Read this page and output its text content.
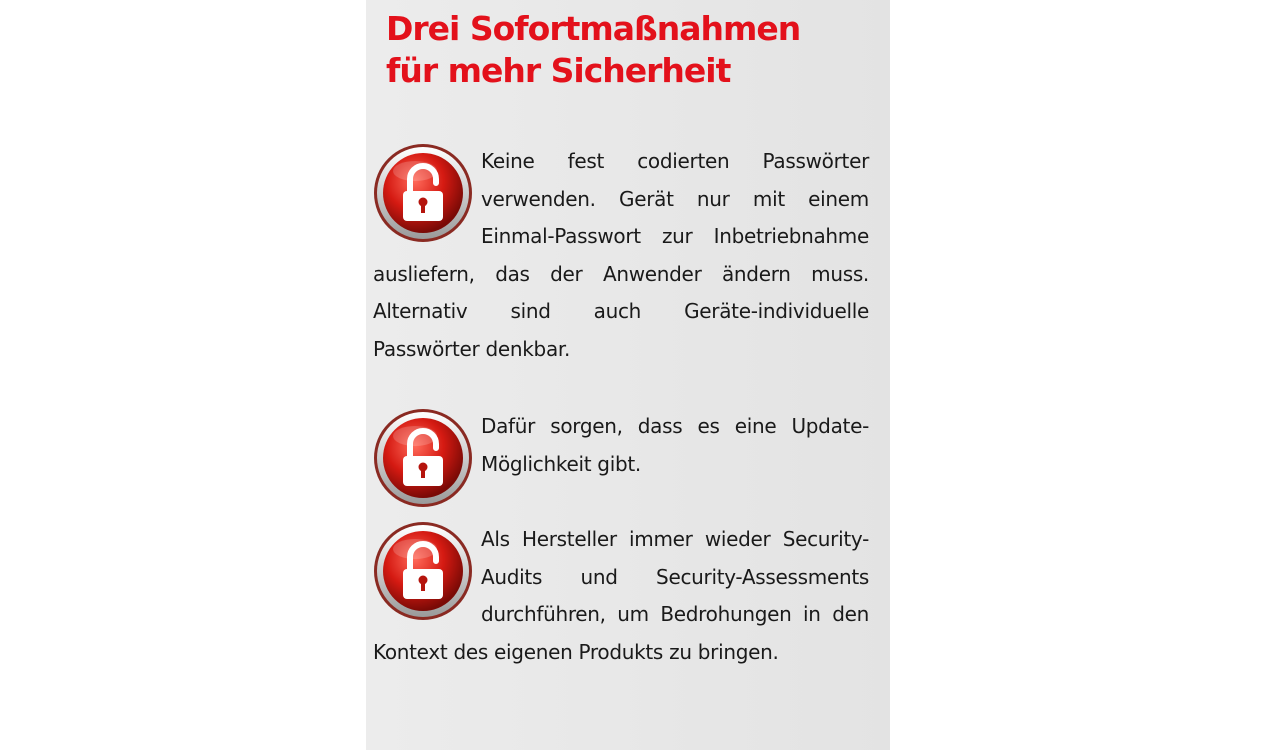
Drei Sofortmaßnahmen
für mehr Sicherheit

Keine fest codierten Passwörter verwenden. Gerät nur mit einem Einmal-Passwort zur Inbetriebnahme ausliefern, das der Anwender ändern muss. Alternativ sind auch Geräte-individuelle Passwörter denkbar.

Dafür sorgen, dass es eine Update-Möglichkeit gibt.

Als Hersteller immer wieder Security-Audits und Security-Assessments durchführen, um Bedrohungen in den Kontext des eigenen Produkts zu bringen.
